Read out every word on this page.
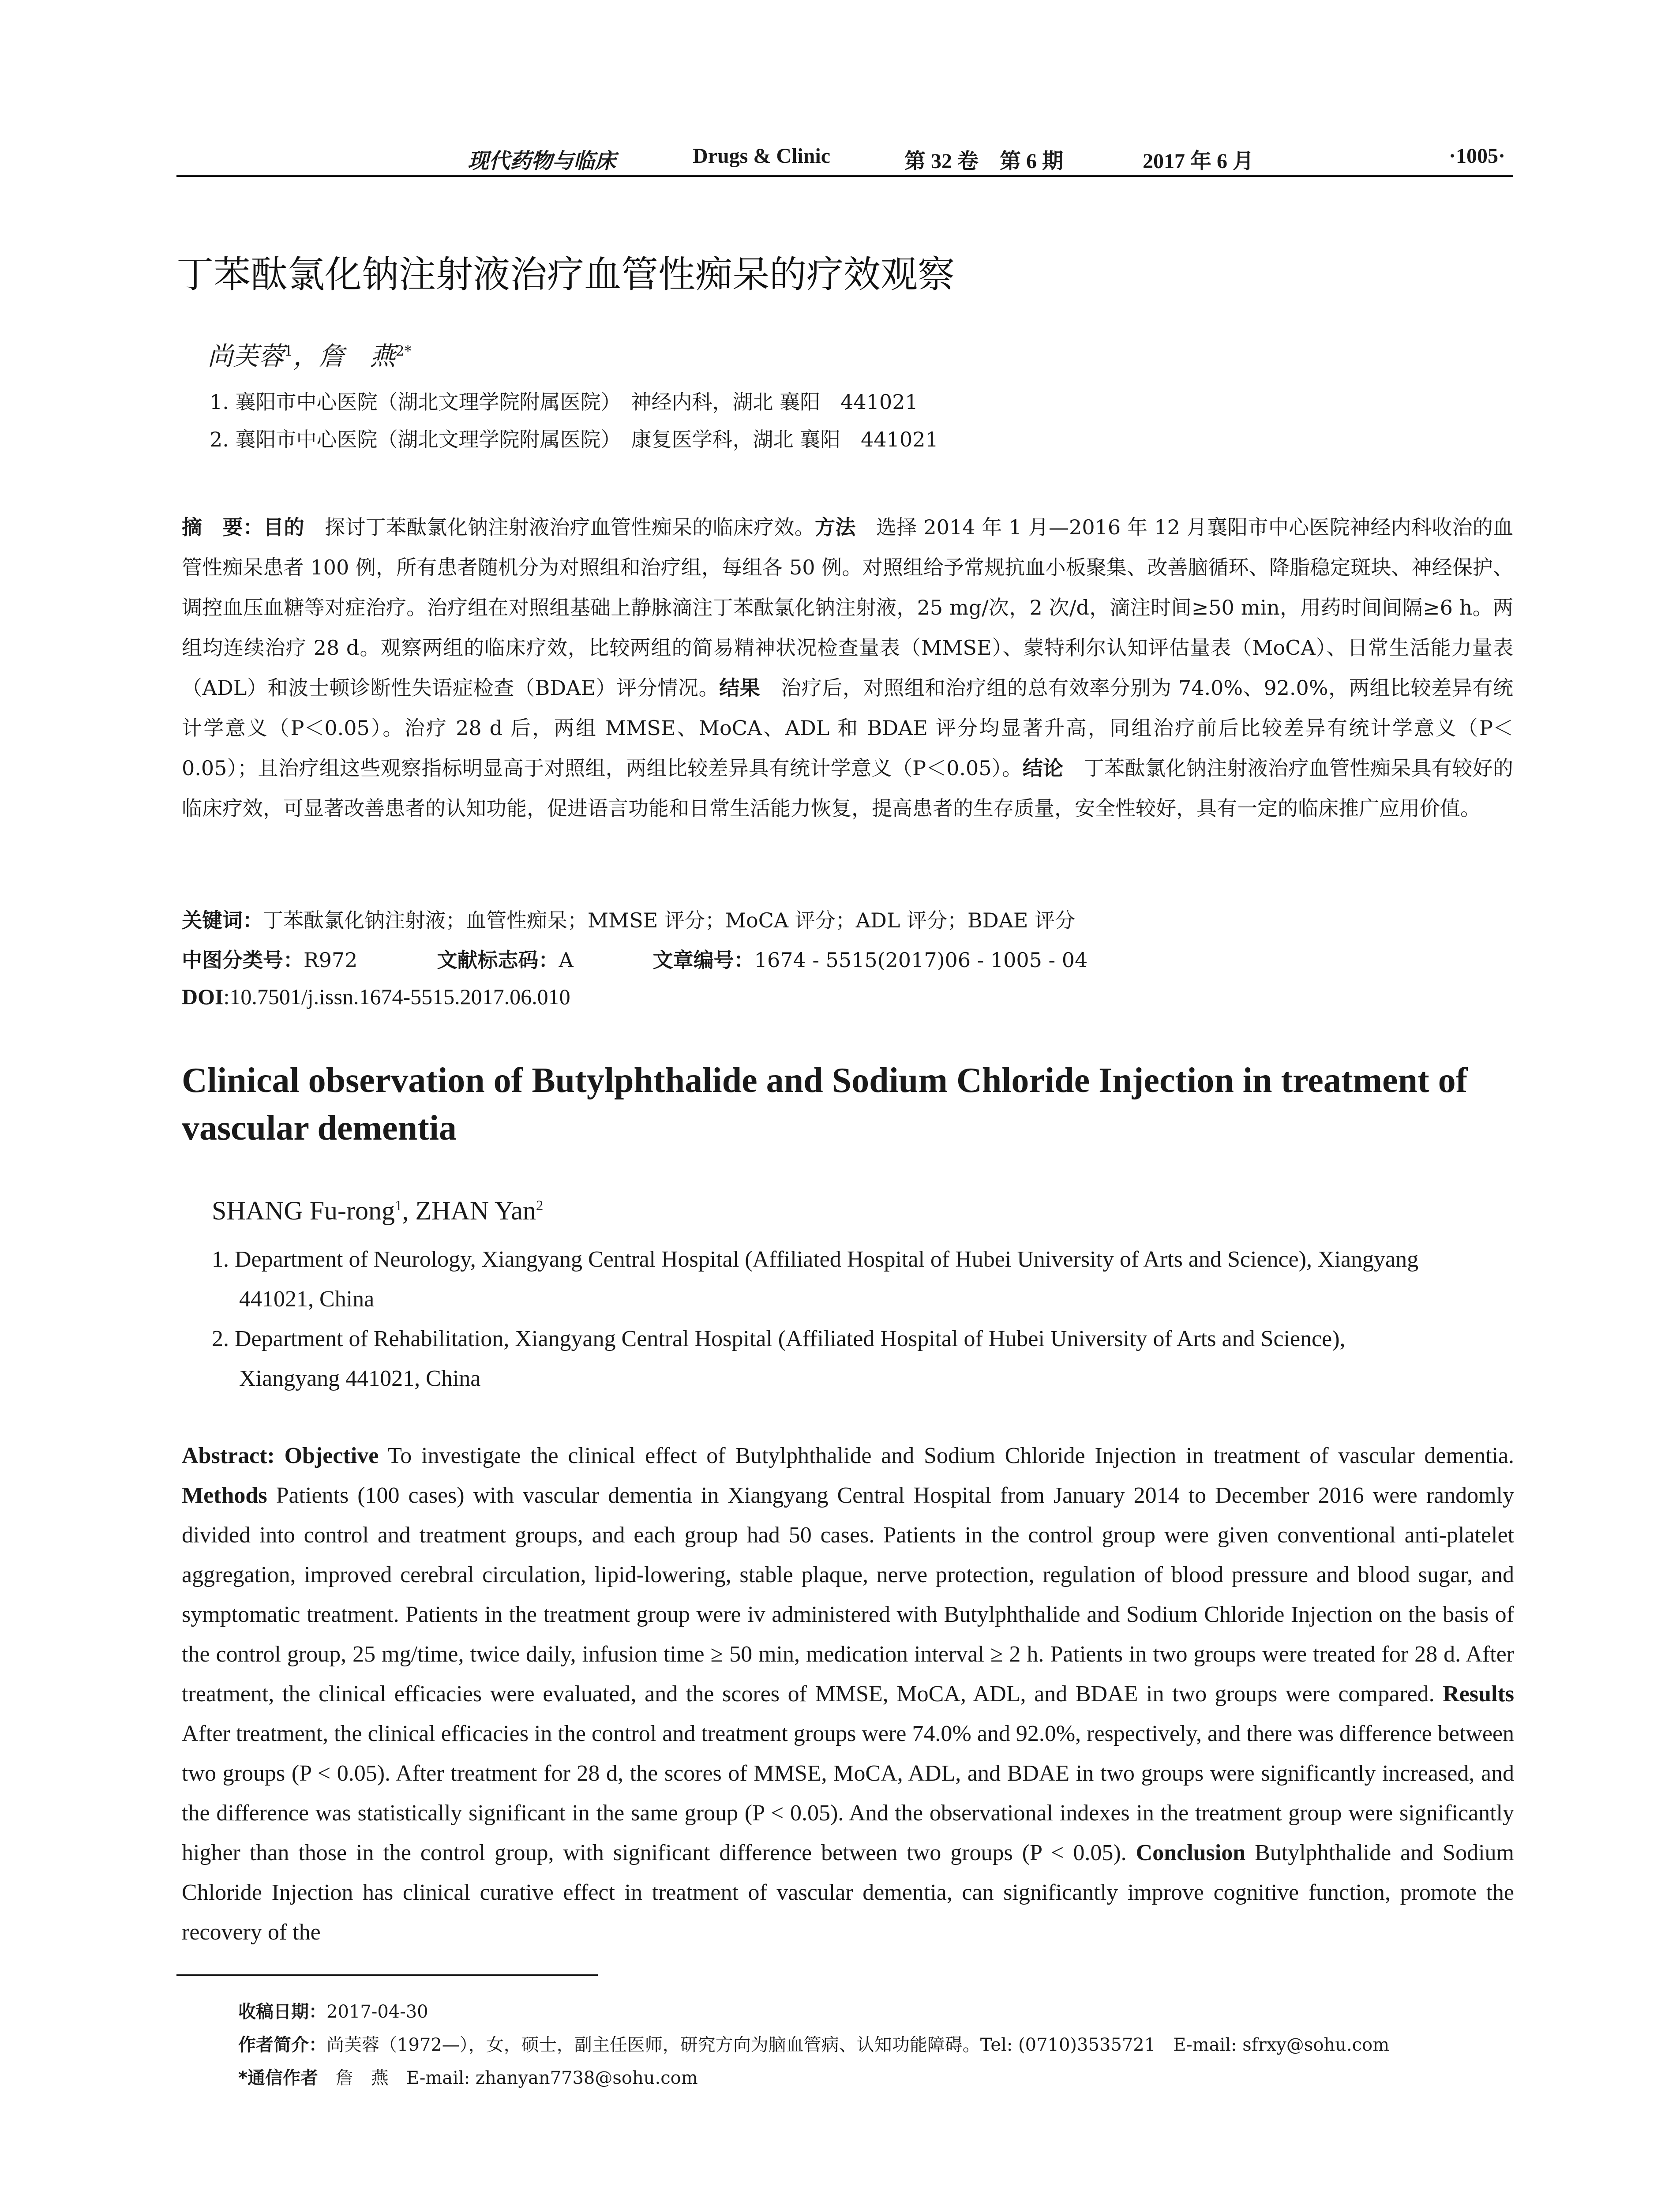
现代药物与临床	Drugs & Clinic	第 32 卷　第 6 期	2017 年 6 月	·1005·
丁苯酞氯化钠注射液治疗血管性痴呆的疗效观察
尚芙蓉$^1$，詹　燕$^{2*}$
1. 襄阳市中心医院（湖北文理学院附属医院）　神经内科，湖北 襄阳　441021
2. 襄阳市中心医院（湖北文理学院附属医院）　康复医学科，湖北 襄阳　441021
摘　要：目的　探讨丁苯酞氯化钠注射液治疗血管性痴呆的临床疗效。方法　选择 2014 年 1 月—2016 年 12 月襄阳市中心医院神经内科收治的血管性痴呆患者 100 例，所有患者随机分为对照组和治疗组，每组各 50 例。对照组给予常规抗血小板聚集、改善脑循环、降脂稳定斑块、神经保护、调控血压血糖等对症治疗。治疗组在对照组基础上静脉滴注丁苯酞氯化钠注射液，25 mg/次，2 次/d，滴注时间≥50 min，用药时间间隔≥6 h。两组均连续治疗 28 d。观察两组的临床疗效，比较两组的简易精神状况检查量表（MMSE）、蒙特利尔认知评估量表（MoCA）、日常生活能力量表（ADL）和波士顿诊断性失语症检查（BDAE）评分情况。结果　治疗后，对照组和治疗组的总有效率分别为 74.0%、92.0%，两组比较差异有统计学意义（P＜0.05）。治疗 28 d 后，两组 MMSE、MoCA、ADL 和 BDAE 评分均显著升高，同组治疗前后比较差异有统计学意义（P＜0.05）；且治疗组这些观察指标明显高于对照组，两组比较差异具有统计学意义（P＜0.05）。结论　丁苯酞氯化钠注射液治疗血管性痴呆具有较好的临床疗效，可显著改善患者的认知功能，促进语言功能和日常生活能力恢复，提高患者的生存质量，安全性较好，具有一定的临床推广应用价值。
关键词：丁苯酞氯化钠注射液；血管性痴呆；MMSE 评分；MoCA 评分；ADL 评分；BDAE 评分
中图分类号：R972	文献标志码：A	文章编号：1674 - 5515(2017)06 - 1005 - 04
DOI:10.7501/j.issn.1674-5515.2017.06.010
Clinical observation of Butylphthalide and Sodium Chloride Injection in treatment of vascular dementia
SHANG Fu-rong$^1$, ZHAN Yan$^2$
1. Department of Neurology, Xiangyang Central Hospital (Affiliated Hospital of Hubei University of Arts and Science), Xiangyang
441021, China
2. Department of Rehabilitation, Xiangyang Central Hospital (Affiliated Hospital of Hubei University of Arts and Science),
Xiangyang 441021, China
Abstract: Objective To investigate the clinical effect of Butylphthalide and Sodium Chloride Injection in treatment of vascular dementia. Methods Patients (100 cases) with vascular dementia in Xiangyang Central Hospital from January 2014 to December 2016 were randomly divided into control and treatment groups, and each group had 50 cases. Patients in the control group were given conventional anti-platelet aggregation, improved cerebral circulation, lipid-lowering, stable plaque, nerve protection, regulation of blood pressure and blood sugar, and symptomatic treatment. Patients in the treatment group were iv administered with Butylphthalide and Sodium Chloride Injection on the basis of the control group, 25 mg/time, twice daily, infusion time ≥ 50 min, medication interval ≥ 2 h. Patients in two groups were treated for 28 d. After treatment, the clinical efficacies were evaluated, and the scores of MMSE, MoCA, ADL, and BDAE in two groups were compared. Results After treatment, the clinical efficacies in the control and treatment groups were 74.0% and 92.0%, respectively, and there was difference between two groups (P < 0.05). After treatment for 28 d, the scores of MMSE, MoCA, ADL, and BDAE in two groups were significantly increased, and the difference was statistically significant in the same group (P < 0.05). And the observational indexes in the treatment group were significantly higher than those in the control group, with significant difference between two groups (P < 0.05). Conclusion Butylphthalide and Sodium Chloride Injection has clinical curative effect in treatment of vascular dementia, can significantly improve cognitive function, promote the recovery of the
收稿日期：2017-04-30
作者简介：尚芙蓉（1972—），女，硕士，副主任医师，研究方向为脑血管病、认知功能障碍。Tel: (0710)3535721　E-mail: sfrxy@sohu.com
*通信作者　詹　燕　E-mail: zhanyan7738@sohu.com
